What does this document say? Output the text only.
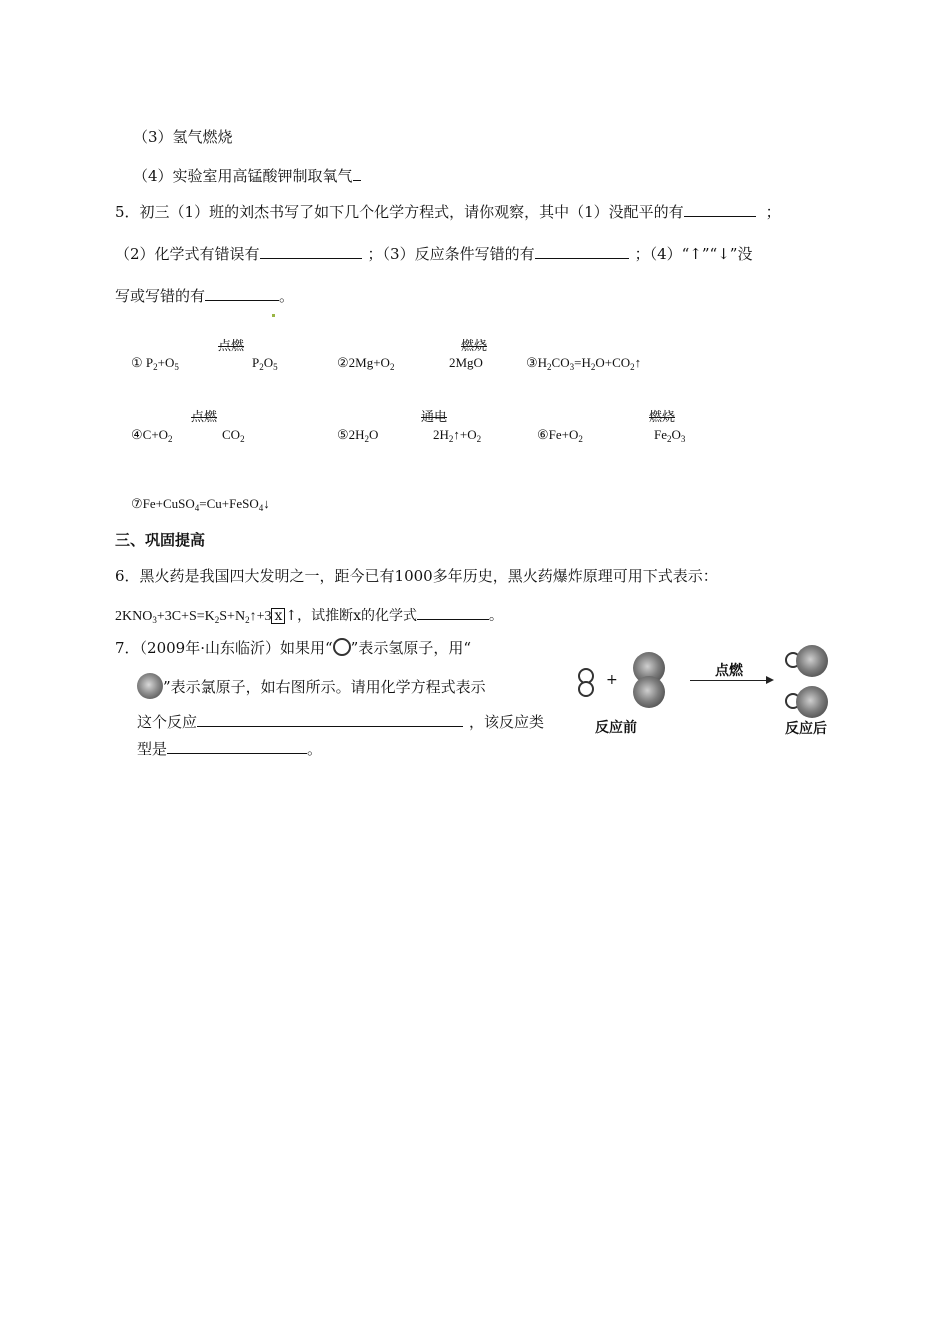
（3）氢气燃烧
（4）实验室用高锰酸钾制取氧气
5．初三（1）班的刘杰书写了如下几个化学方程式，请你观察，其中（1）没配平的有	；
（2）化学式有错误有	；（3）反应条件写错的有	；（4）“↑”“↓”没
写或写错的有	。
① $P_2+O_5$
点燃
$P_2O_5$	$②2Mg+O_2$
燃烧
2MgO	$③H_2CO_3=H_2O+CO_2↑$
$④C+O_2$
点燃
$CO_2$	$⑤2H_2O$
通电
$2H_2↑+O_2$	$⑥Fe+O_2$
燃烧
$Fe_2O_3$
⑦Fe+CuSO$_4$=Cu+FeSO$_4$↓
三、巩固提高
6．黑火药是我国四大发明之一，距今已有1000多年历史，黑火药爆炸原理可用下式表示：
$2KNO_3+3C+S=K_2S+N_2↑+3$ x ↑，试推断x的化学式	。
7．（2009年·山东临沂）如果用“ ”表示氢原子，用“
”表示氯原子，如右图所示。请用化学方程式表示
这个反应	，该反应类
型是	。
+
点燃
反应前	反应后
